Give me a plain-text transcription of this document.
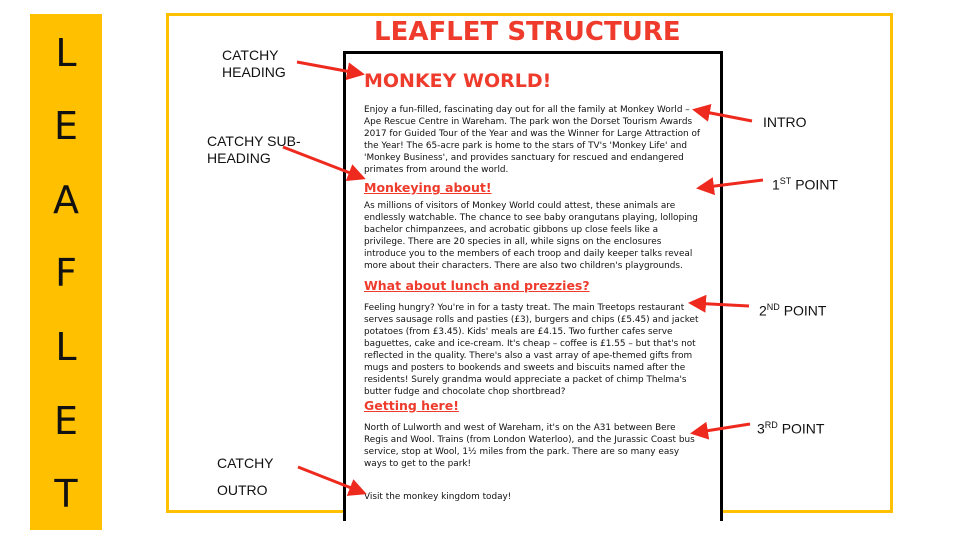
L
E
A
F
L
E
T
LEAFLET STRUCTURE
MONKEY WORLD!

Enjoy a fun-filled, fascinating day out for all the family at Monkey World – Ape Rescue Centre in Wareham. The park won the Dorset Tourism Awards 2017 for Guided Tour of the Year and was the Winner for Large Attraction of the Year! The 65-acre park is home to the stars of TV's 'Monkey Life' and 'Monkey Business', and provides sanctuary for rescued and endangered primates from around the world.

Monkeying about!

As millions of visitors of Monkey World could attest, these animals are endlessly watchable. The chance to see baby orangutans playing, lolloping bachelor chimpanzees, and acrobatic gibbons up close feels like a privilege. There are 20 species in all, while signs on the enclosures introduce you to the members of each troop and daily keeper talks reveal more about their characters. There are also two children's playgrounds.

What about lunch and prezzies?

Feeling hungry? You're in for a tasty treat. The main Treetops restaurant serves sausage rolls and pasties (£3), burgers and chips (£5.45) and jacket potatoes (from £3.45). Kids' meals are £4.15. Two further cafes serve baguettes, cake and ice-cream. It's cheap – coffee is £1.55 – but that's not reflected in the quality. There's also a vast array of ape-themed gifts from mugs and posters to bookends and sweets and biscuits named after the residents! Surely grandma would appreciate a packet of chimp Thelma's butter fudge and chocolate chop shortbread?

Getting here!

North of Lulworth and west of Wareham, it's on the A31 between Bere Regis and Wool. Trains (from London Waterloo), and the Jurassic Coast bus service, stop at Wool, 1½ miles from the park. There are so many easy ways to get to the park!

Visit the monkey kingdom today!

CATCHY
HEADING
CATCHY SUB-
HEADING
CATCHY
OUTRO
INTRO
1ST POINT
2ND POINT
3RD POINT
